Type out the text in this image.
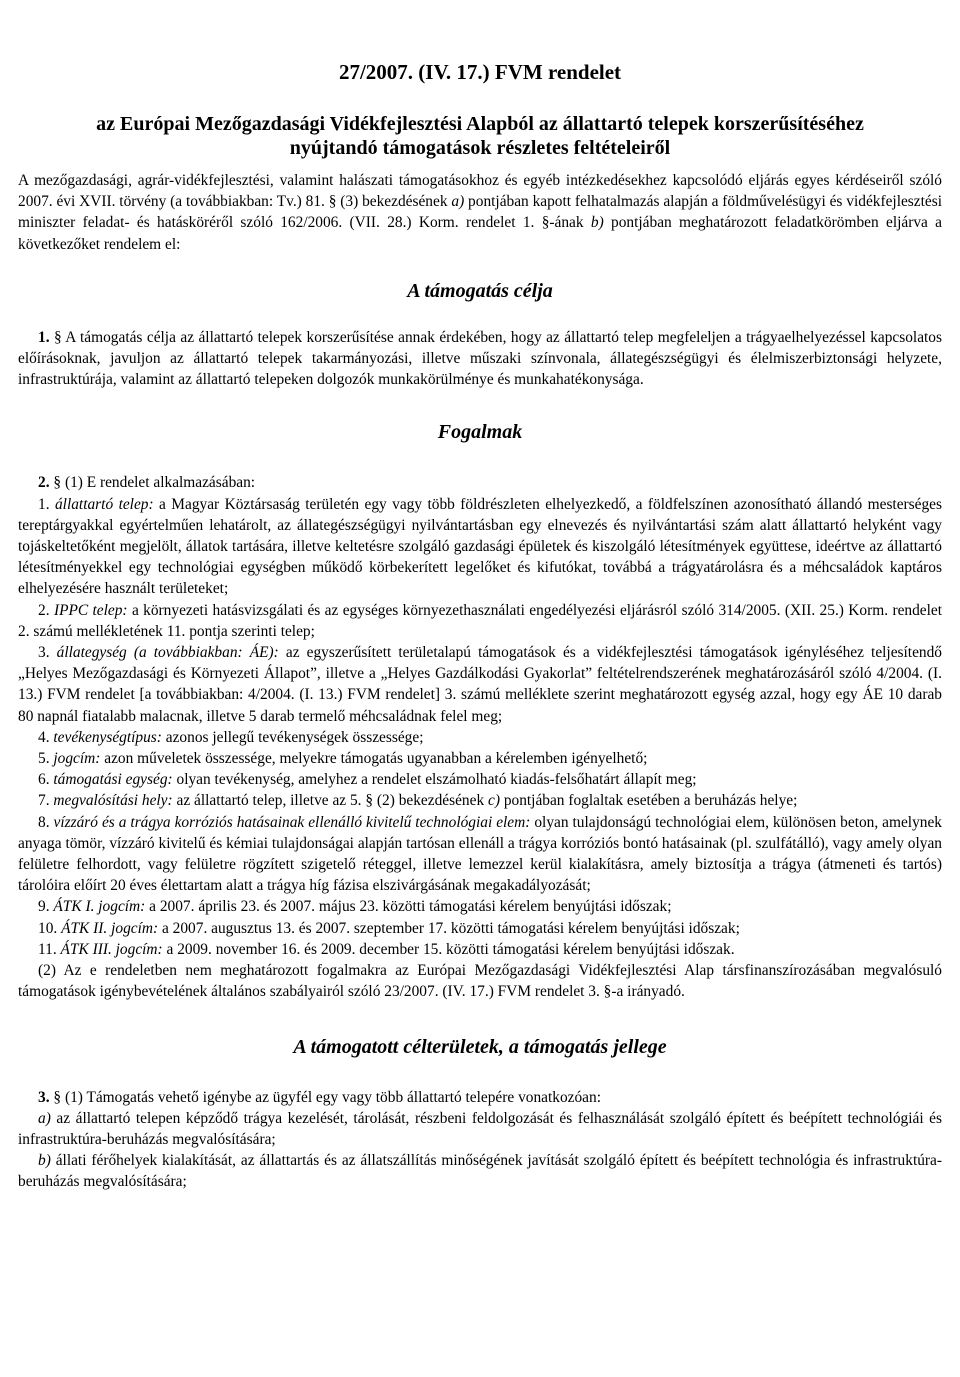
27/2007. (IV. 17.) FVM rendelet
az Európai Mezőgazdasági Vidékfejlesztési Alapból az állattartó telepek korszerűsítéséhez
nyújtandó támogatások részletes feltételeiről

A mezőgazdasági, agrár-vidékfejlesztési, valamint halászati támogatásokhoz és egyéb intézkedésekhez kapcsolódó eljárás egyes kérdéseiről szóló 2007. évi XVII. törvény (a továbbiakban: Tv.) 81. § (3) bekezdésének a) pontjában kapott felhatalmazás alapján a földművelésügyi és vidékfejlesztési miniszter feladat- és hatásköréről szóló 162/2006. (VII. 28.) Korm. rendelet 1. §-ának b) pontjában meghatározott feladatkörömben eljárva a következőket rendelem el:

A támogatás célja

1. § A támogatás célja az állattartó telepek korszerűsítése annak érdekében, hogy az állattartó telep megfeleljen a trágyaelhelyezéssel kapcsolatos előírásoknak, javuljon az állattartó telepek takarmányozási, illetve műszaki színvonala, állategészségügyi és élelmiszerbiztonsági helyzete, infrastruktúrája, valamint az állattartó telepeken dolgozók munkakörülménye és munkahatékonysága.

Fogalmak

2. § (1) E rendelet alkalmazásában:

1. állattartó telep: a Magyar Köztársaság területén egy vagy több földrészleten elhelyezkedő, a földfelszínen azonosítható állandó mesterséges tereptárgyakkal egyértelműen lehatárolt, az állategészségügyi nyilvántartásban egy elnevezés és nyilvántartási szám alatt állattartó helyként vagy tojáskeltetőként megjelölt, állatok tartására, illetve keltetésre szolgáló gazdasági épületek és kiszolgáló létesítmények együttese, ideértve az állattartó létesítményekkel egy technológiai egységben működő körbekerített legelőket és kifutókat, továbbá a trágyatárolásra és a méhcsaládok kaptáros elhelyezésére használt területeket;

2. IPPC telep: a környezeti hatásvizsgálati és az egységes környezethasználati engedélyezési eljárásról szóló 314/2005. (XII. 25.) Korm. rendelet 2. számú mellékletének 11. pontja szerinti telep;

3. állategység (a továbbiakban: ÁE): az egyszerűsített területalapú támogatások és a vidékfejlesztési támogatások igényléséhez teljesítendő „Helyes Mezőgazdasági és Környezeti Állapot”, illetve a „Helyes Gazdálkodási Gyakorlat” feltételrendszerének meghatározásáról szóló 4/2004. (I. 13.) FVM rendelet [a továbbiakban: 4/2004. (I. 13.) FVM rendelet] 3. számú melléklete szerint meghatározott egység azzal, hogy egy ÁE 10 darab 80 napnál fiatalabb malacnak, illetve 5 darab termelő méhcsaládnak felel meg;

4. tevékenységtípus: azonos jellegű tevékenységek összessége;

5. jogcím: azon műveletek összessége, melyekre támogatás ugyanabban a kérelemben igényelhető;

6. támogatási egység: olyan tevékenység, amelyhez a rendelet elszámolható kiadás-felsőhatárt állapít meg;

7. megvalósítási hely: az állattartó telep, illetve az 5. § (2) bekezdésének c) pontjában foglaltak esetében a beruházás helye;

8. vízzáró és a trágya korróziós hatásainak ellenálló kivitelű technológiai elem: olyan tulajdonságú technológiai elem, különösen beton, amelynek anyaga tömör, vízzáró kivitelű és kémiai tulajdonságai alapján tartósan ellenáll a trágya korróziós bontó hatásainak (pl. szulfátálló), vagy amely olyan felületre felhordott, vagy felületre rögzített szigetelő réteggel, illetve lemezzel kerül kialakításra, amely biztosítja a trágya (átmeneti és tartós) tárolóira előírt 20 éves élettartam alatt a trágya híg fázisa elszivárgásának megakadályozását;

9. ÁTK I. jogcím: a 2007. április 23. és 2007. május 23. közötti támogatási kérelem benyújtási időszak;

10. ÁTK II. jogcím: a 2007. augusztus 13. és 2007. szeptember 17. közötti támogatási kérelem benyújtási időszak;

11. ÁTK III. jogcím: a 2009. november 16. és 2009. december 15. közötti támogatási kérelem benyújtási időszak.

(2) Az e rendeletben nem meghatározott fogalmakra az Európai Mezőgazdasági Vidékfejlesztési Alap társfinanszírozásában megvalósuló támogatások igénybevételének általános szabályairól szóló 23/2007. (IV. 17.) FVM rendelet 3. §-a irányadó.

A támogatott célterületek, a támogatás jellege

3. § (1) Támogatás vehető igénybe az ügyfél egy vagy több állattartó telepére vonatkozóan:

a) az állattartó telepen képződő trágya kezelését, tárolását, részbeni feldolgozását és felhasználását szolgáló épített és beépített technológiái és infrastruktúra-beruházás megvalósítására;

b) állati férőhelyek kialakítását, az állattartás és az állatszállítás minőségének javítását szolgáló épített és beépített technológia és infrastruktúra-beruházás megvalósítására;
